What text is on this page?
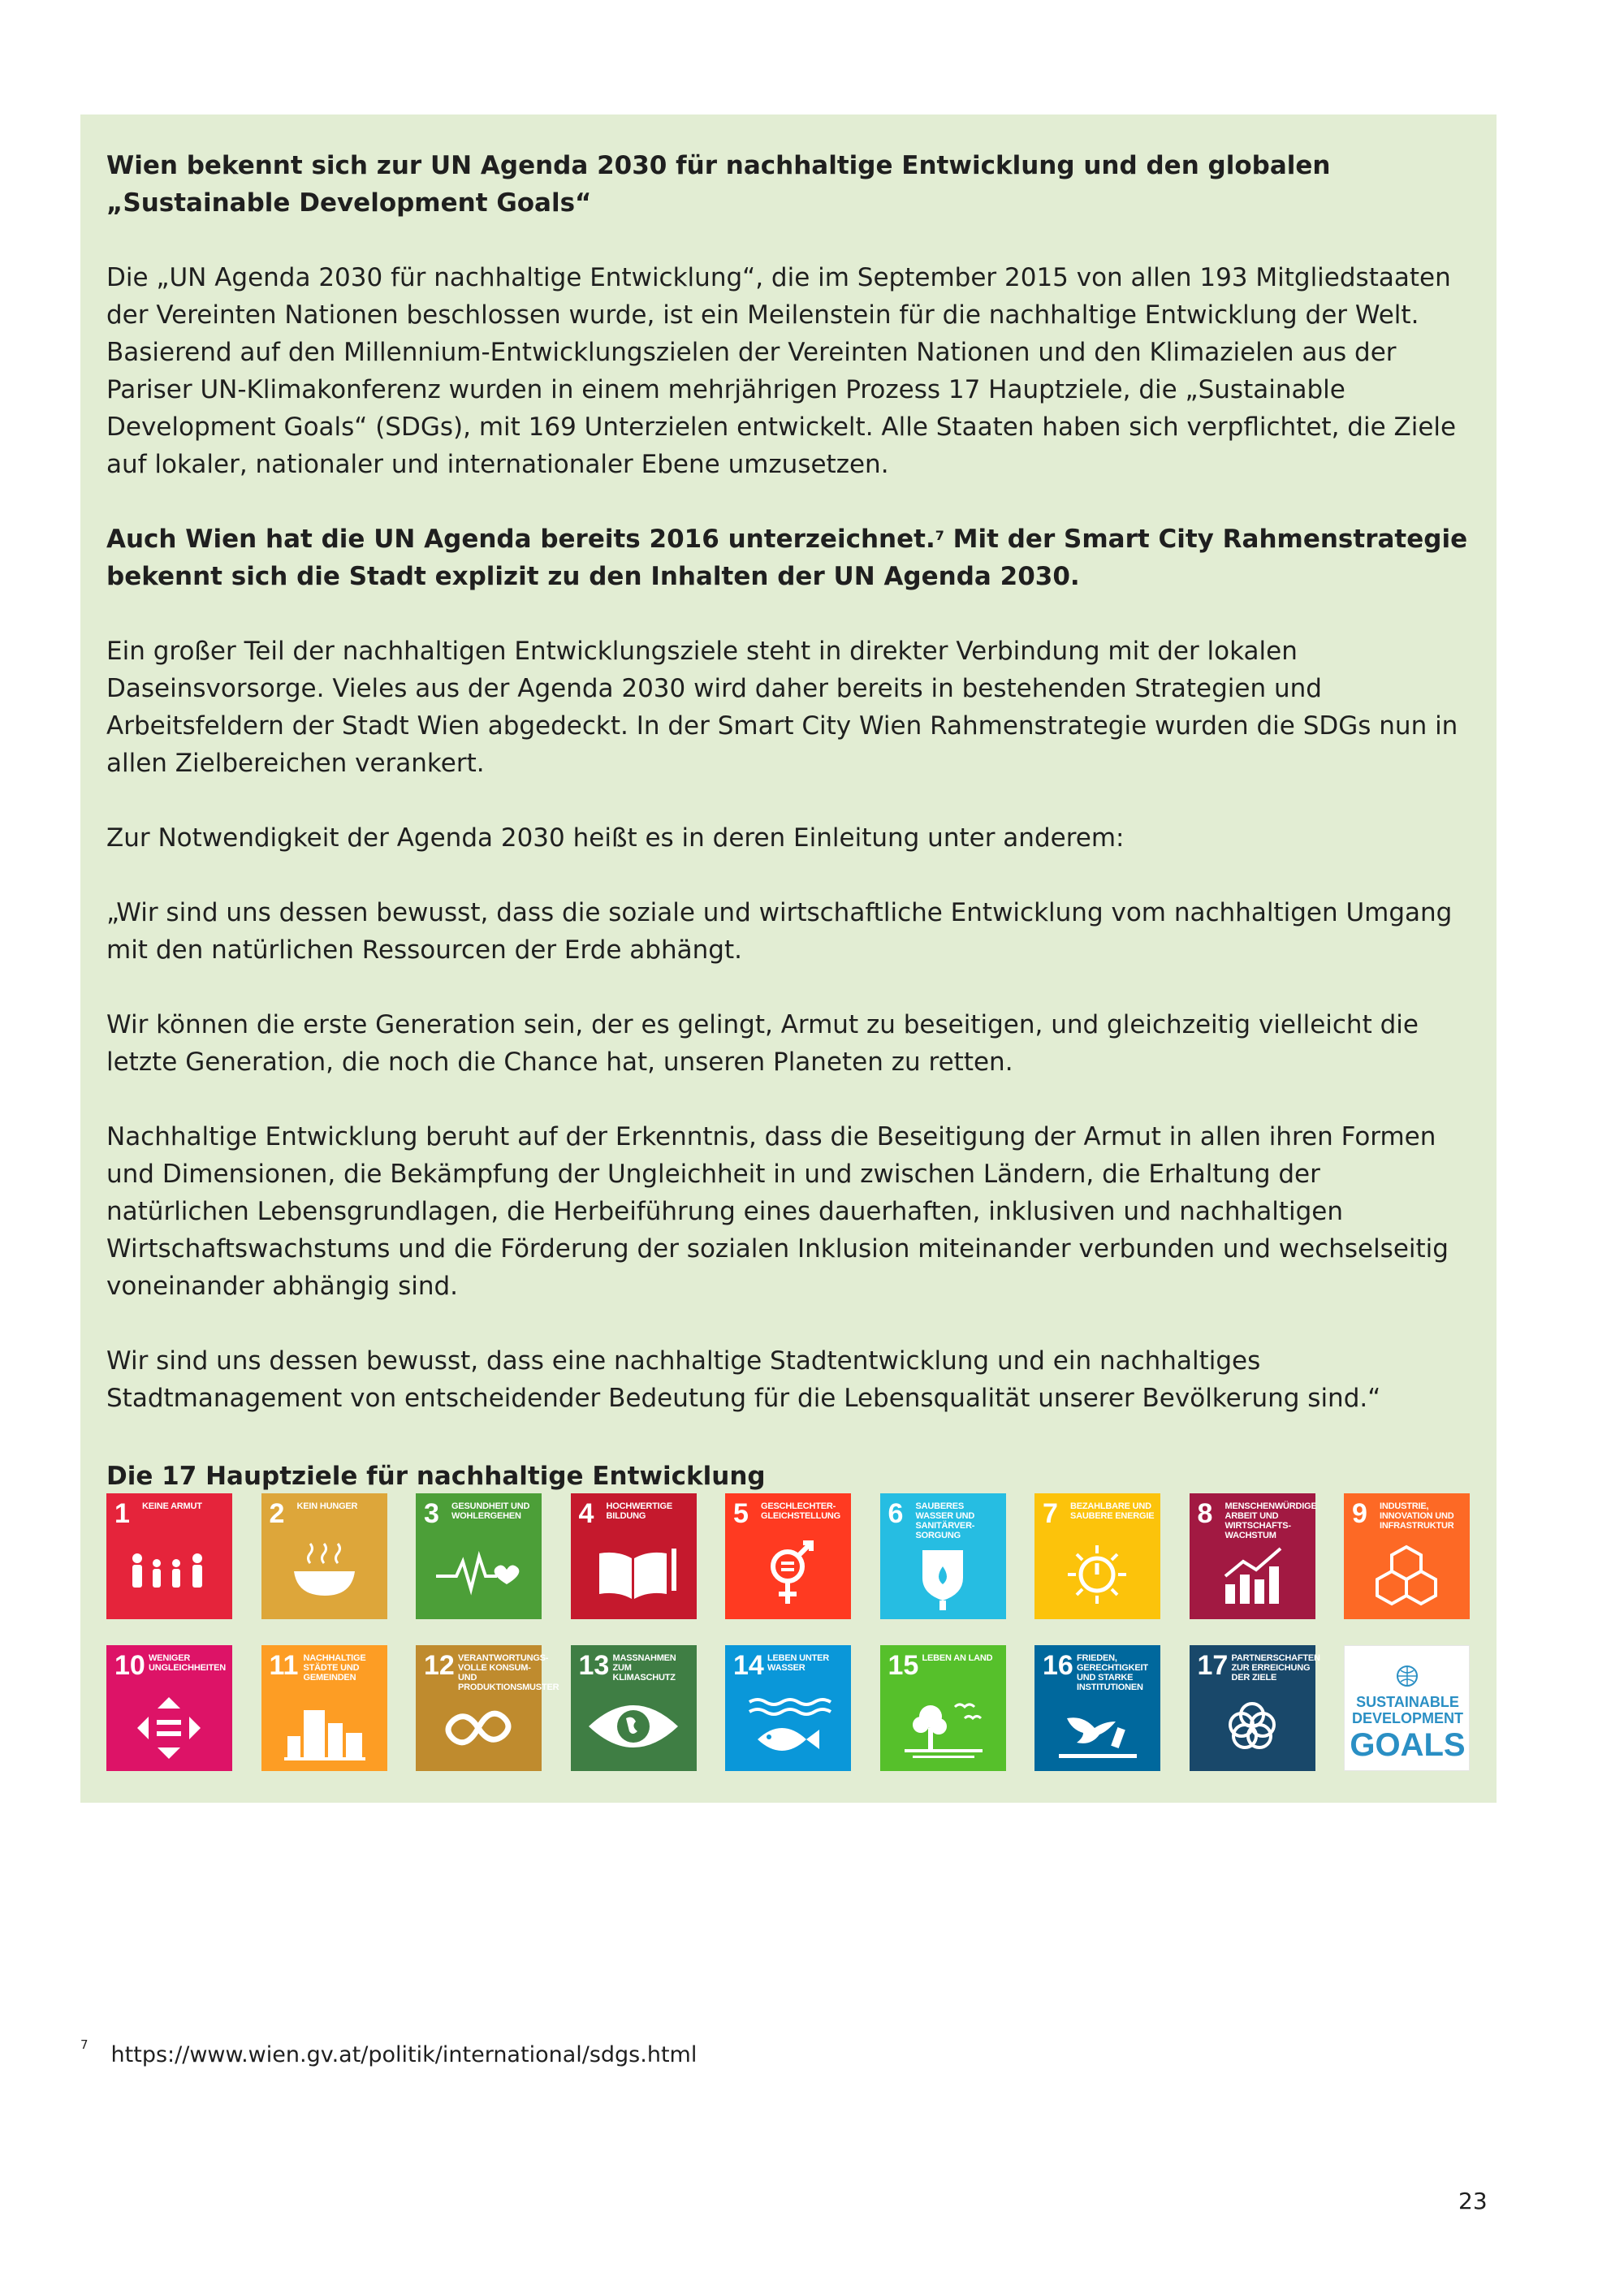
Wien bekennt sich zur UN Agenda 2030 für nachhaltige Entwicklung und den globalen „Sustainable Development Goals“

Die „UN Agenda 2030 für nachhaltige Entwicklung“, die im September 2015 von allen 193 Mitgliedstaaten der Vereinten Nationen beschlossen wurde, ist ein Meilenstein für die nachhaltige Entwicklung der Welt. Basierend auf den Millennium-Entwicklungszielen der Vereinten Nationen und den Klimazielen aus der Pariser UN-Klimakonferenz wurden in einem mehrjährigen Prozess 17 Hauptziele, die „Sustainable Development Goals“ (SDGs), mit 169 Unterzielen entwickelt. Alle Staaten haben sich verpflichtet, die Ziele auf lokaler, nationaler und internationaler Ebene umzusetzen.

Auch Wien hat die UN Agenda bereits 2016 unterzeichnet.$^7$ Mit der Smart City Rahmenstrategie bekennt sich die Stadt explizit zu den Inhalten der UN Agenda 2030.

Ein großer Teil der nachhaltigen Entwicklungsziele steht in direkter Verbindung mit der lokalen Daseinsvorsorge. Vieles aus der Agenda 2030 wird daher bereits in bestehenden Strategien und Arbeitsfeldern der Stadt Wien abgedeckt. In der Smart City Wien Rahmenstrategie wurden die SDGs nun in allen Zielbereichen verankert.

Zur Notwendigkeit der Agenda 2030 heißt es in deren Einleitung unter anderem:

„Wir sind uns dessen bewusst, dass die soziale und wirtschaftliche Entwicklung vom nachhaltigen Umgang mit den natürlichen Ressourcen der Erde abhängt.

Wir können die erste Generation sein, der es gelingt, Armut zu beseitigen, und gleichzeitig vielleicht die letzte Generation, die noch die Chance hat, unseren Planeten zu retten.

Nachhaltige Entwicklung beruht auf der Erkenntnis, dass die Beseitigung der Armut in allen ihren Formen und Dimensionen, die Bekämpfung der Ungleichheit in und zwischen Ländern, die Erhaltung der natürlichen Lebensgrundlagen, die Herbeiführung eines dauerhaften, inklusiven und nachhaltigen Wirtschaftswachstums und die Förderung der sozialen Inklusion miteinander verbunden und wechselseitig voneinander abhängig sind.

Wir sind uns dessen bewusst, dass eine nachhaltige Stadtentwicklung und ein nachhaltiges Stadtmanagement von entscheidender Bedeutung für die Lebensqualität unserer Bevölkerung sind.“

Die 17 Hauptziele für nachhaltige Entwicklung

1 KEINE ARMUT	2 KEIN HUNGER	3 GESUNDHEIT UND WOHLERGEHEN	4 HOCHWERTIGE BILDUNG	5 GESCHLECHTER-GLEICHSTELLUNG 6 SAUBERES WASSER UND SANITÄRVER-SORGUNG
7 BEZAHLBARE UND SAUBERE ENERGIE 8 MENSCHENWÜRDIGE ARBEIT UND WIRTSCHAFTS-WACHSTUM
9 INDUSTRIE, INNOVATION UND INFRASTRUKTUR
10 WENIGER UNGLEICHHEITEN 11 NACHHALTIGE STÄDTE UND GEMEINDEN	12 VERANTWORTUNGS-VOLLE KONSUM- UND PRODUKTIONSMUSTER
13 MASSNAHMEN ZUM KLIMASCHUTZ	14 LEBEN UNTER WASSER	15 LEBEN AN LAND	16 FRIEDEN, GERECHTIGKEIT UND STARKE INSTITUTIONEN
17 PARTNERSCHAFTEN ZUR ERREICHUNG DER ZIELE
SUSTAINABLE
DEVELOPMENT
GOALS
$^7$ https://www.wien.gv.at/politik/international/sdgs.html
23
